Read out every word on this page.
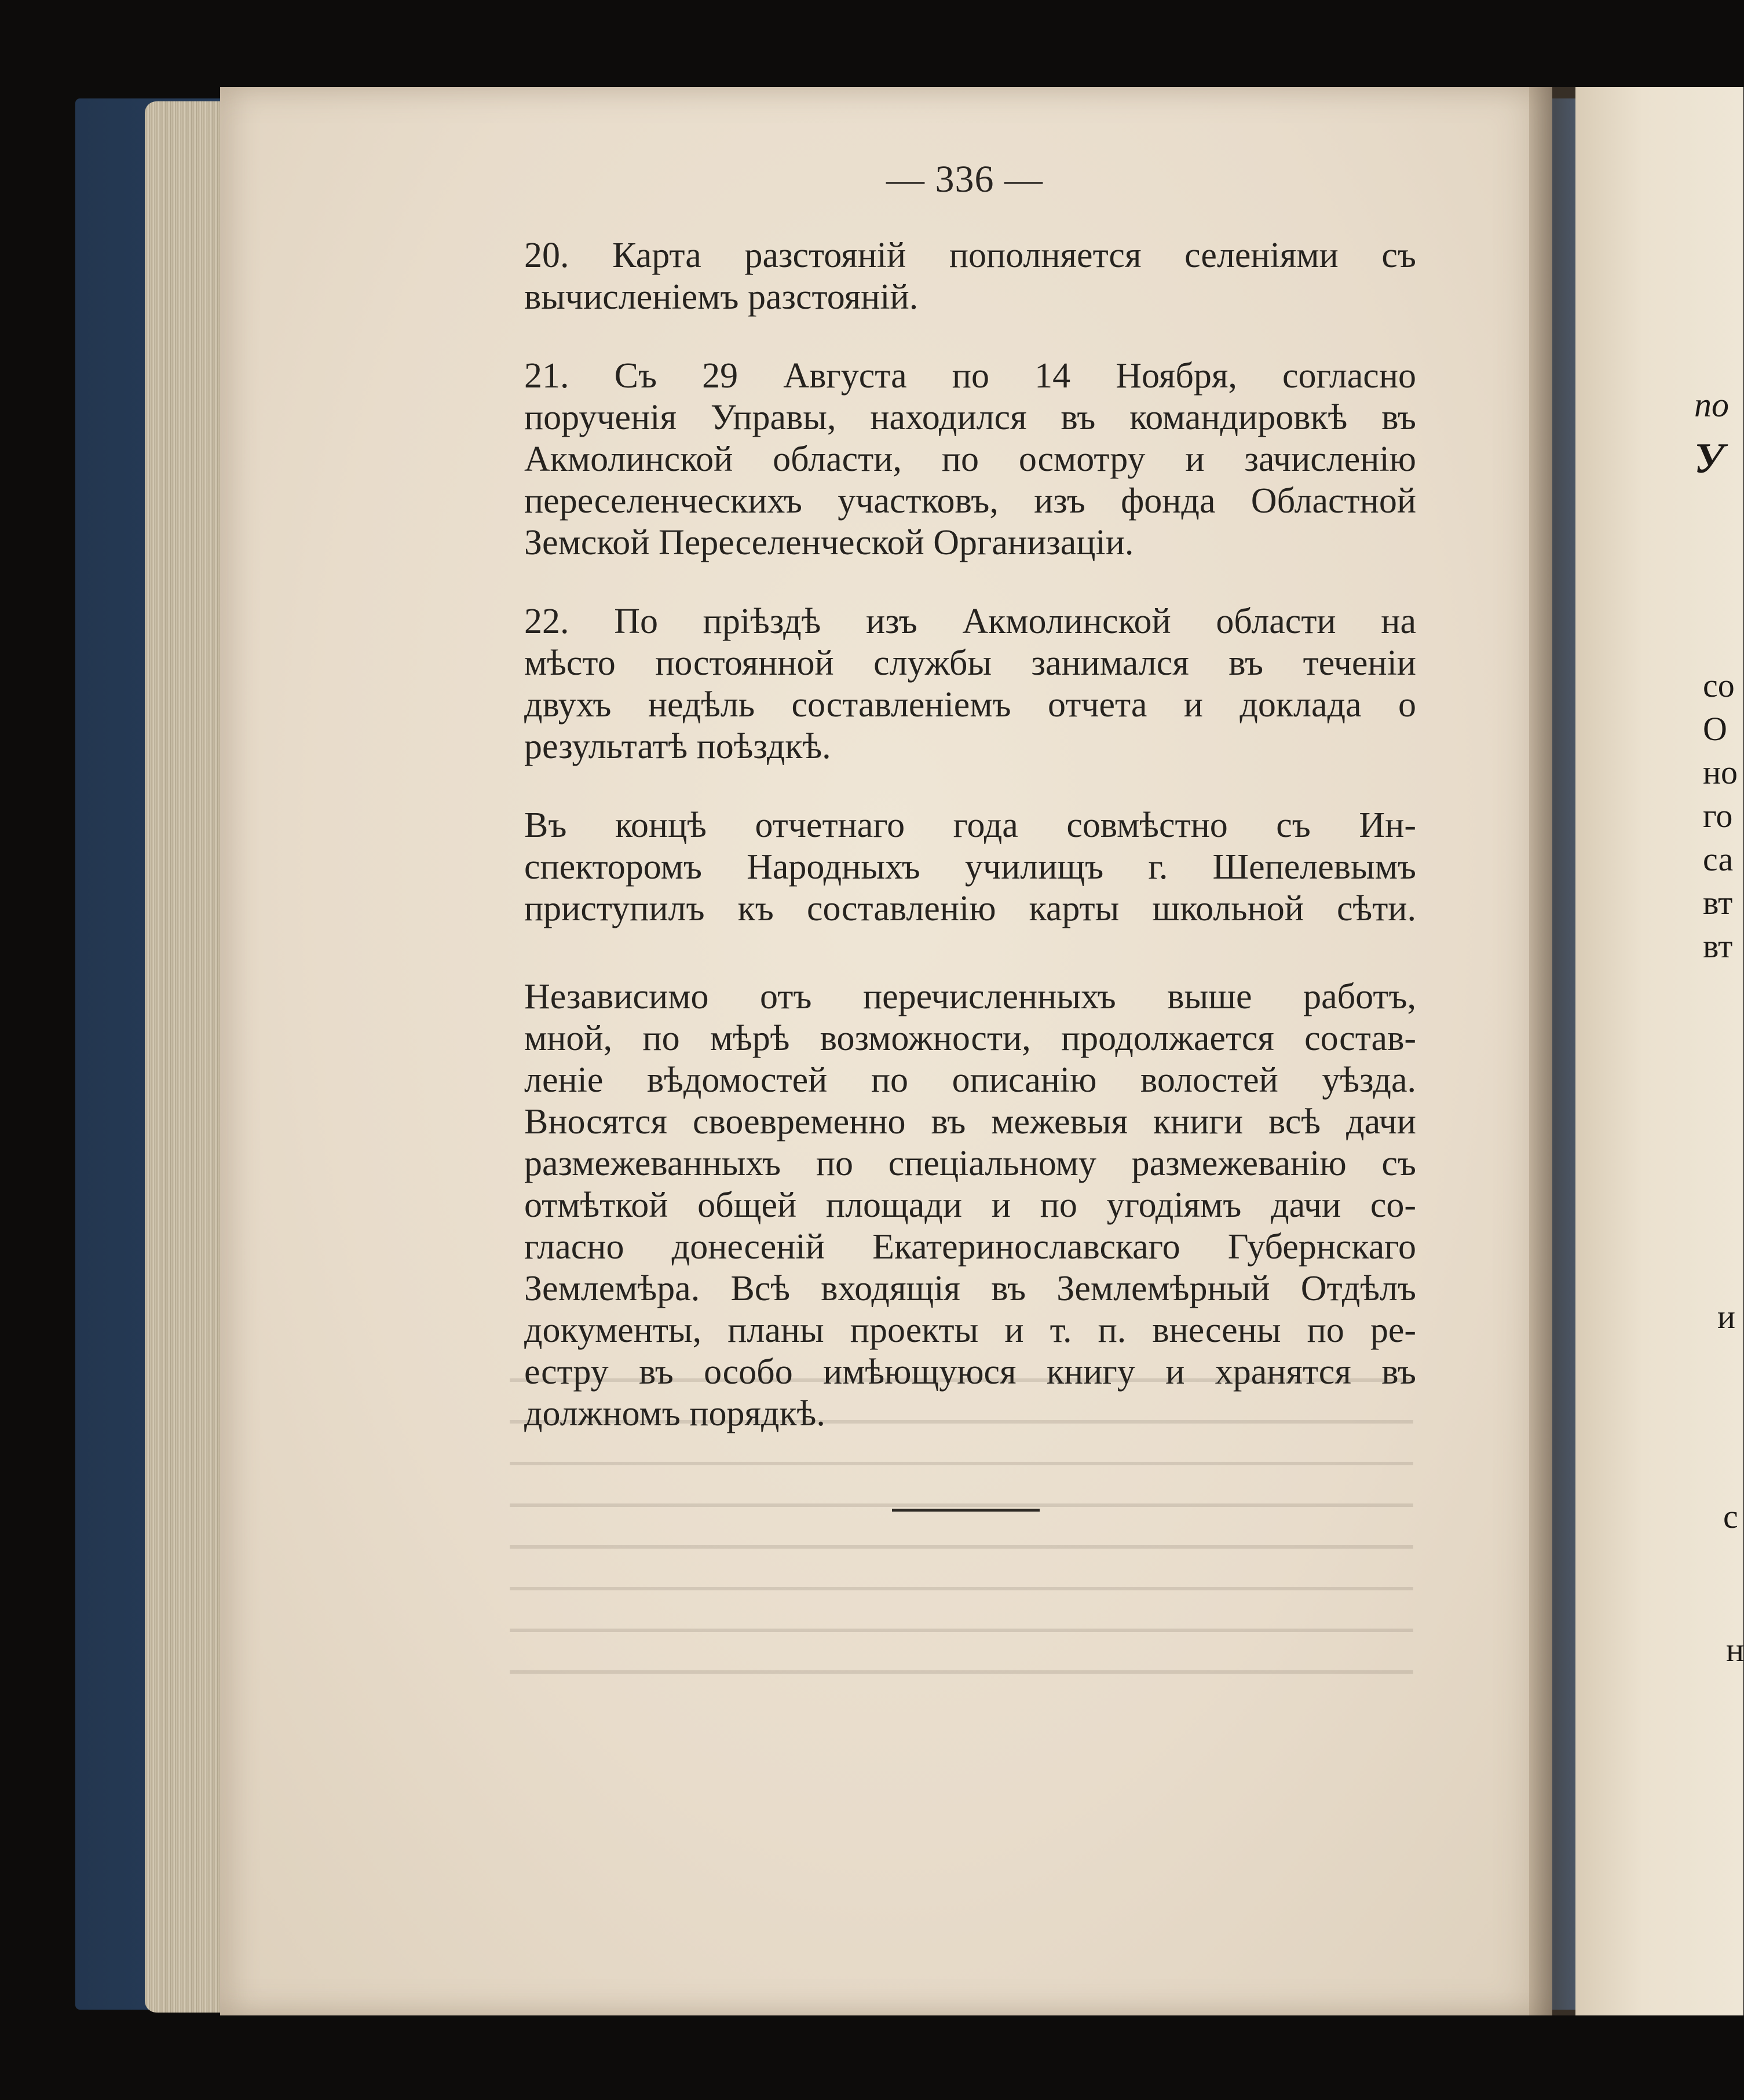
— 336 —

20. Карта разстояній пополняется селеніями съ
вычисленіемъ разстояній.

21. Съ 29 Августа по 14 Ноября, согласно
порученія Управы, находился въ командировкѣ въ
Акмолинской области, по осмотру и зачисленію
переселенческихъ участковъ, изъ фонда Областной
Земской Переселенческой Организаціи.

22. По пріѣздѣ изъ Акмолинской области на
мѣсто постоянной службы занимался въ теченіи
двухъ недѣль составленіемъ отчета и доклада о
результатѣ поѣздкѣ.

Въ концѣ отчетнаго года совмѣстно съ Ин-
спекторомъ Народныхъ училищъ г. Шепелевымъ
приступилъ къ составленію карты школьной сѣти.

Независимо отъ перечисленныхъ выше работъ,
мной, по мѣрѣ возможности, продолжается состав-
леніе вѣдомостей по описанію волостей уѣзда.
Вносятся своевременно въ межевыя книги всѣ дачи
размежеванныхъ по спеціальному размежеванію съ
отмѣткой общей площади и по угодіямъ дачи со-
гласно донесеній Екатеринославскаго Губернскаго
Землемѣра. Всѣ входящія въ Землемѣрный Отдѣлъ
документы, планы проекты и т. п. внесены по ре-
естру въ особо имѣющуюся книгу и хранятся въ
должномъ порядкѣ.

по
У
со
О
но
го
са
вт
вт
и
с
н
